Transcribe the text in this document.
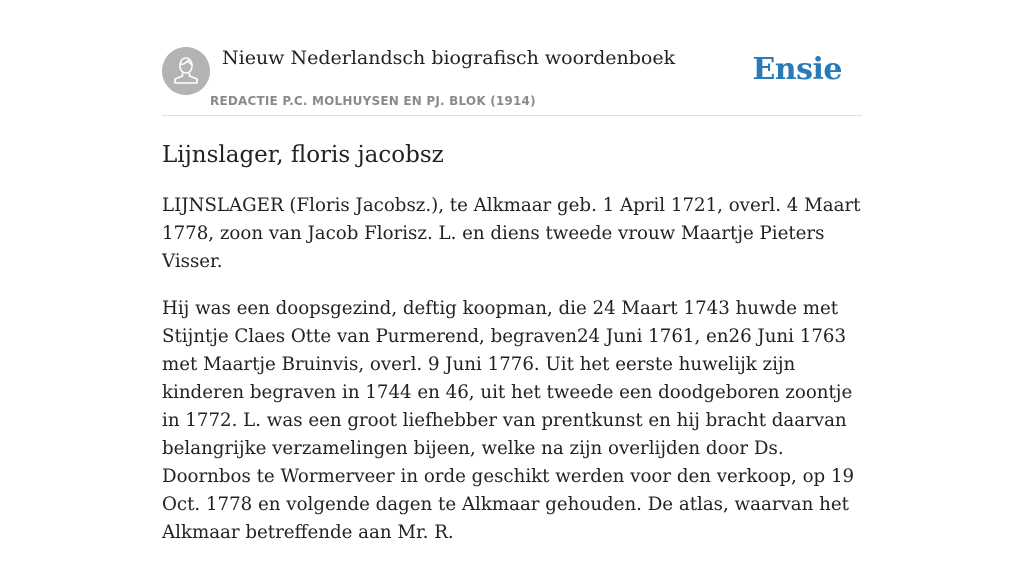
Nieuw Nederlandsch biografisch woordenboek
REDACTIE P.C. MOLHUYSEN EN PJ. BLOK (1914)
Ensie
Lijnslager, floris jacobsz

LIJNSLAGER (Floris Jacobsz.), te Alkmaar geb. 1 April 1721, overl. 4 Maart 1778, zoon van Jacob Florisz. L. en diens tweede vrouw Maartje Pieters Visser.

Hij was een doopsgezind, deftig koopman, die 24 Maart 1743 huwde met Stijntje Claes Otte van Purmerend, begraven24 Juni 1761, en26 Juni 1763 met Maartje Bruinvis, overl. 9 Juni 1776. Uit het eerste huwelijk zijn kinderen begraven in 1744 en 46, uit het tweede een doodgeboren zoontje in 1772. L. was een groot liefhebber van prentkunst en hij bracht daarvan belangrijke verzamelingen bijeen, welke na zijn overlijden door Ds. Doornbos te Wormerveer in orde geschikt werden voor den verkoop, op 19 Oct. 1778 en volgende dagen te Alkmaar gehouden. De atlas, waarvan het Alkmaar betreffende aan Mr. R.
